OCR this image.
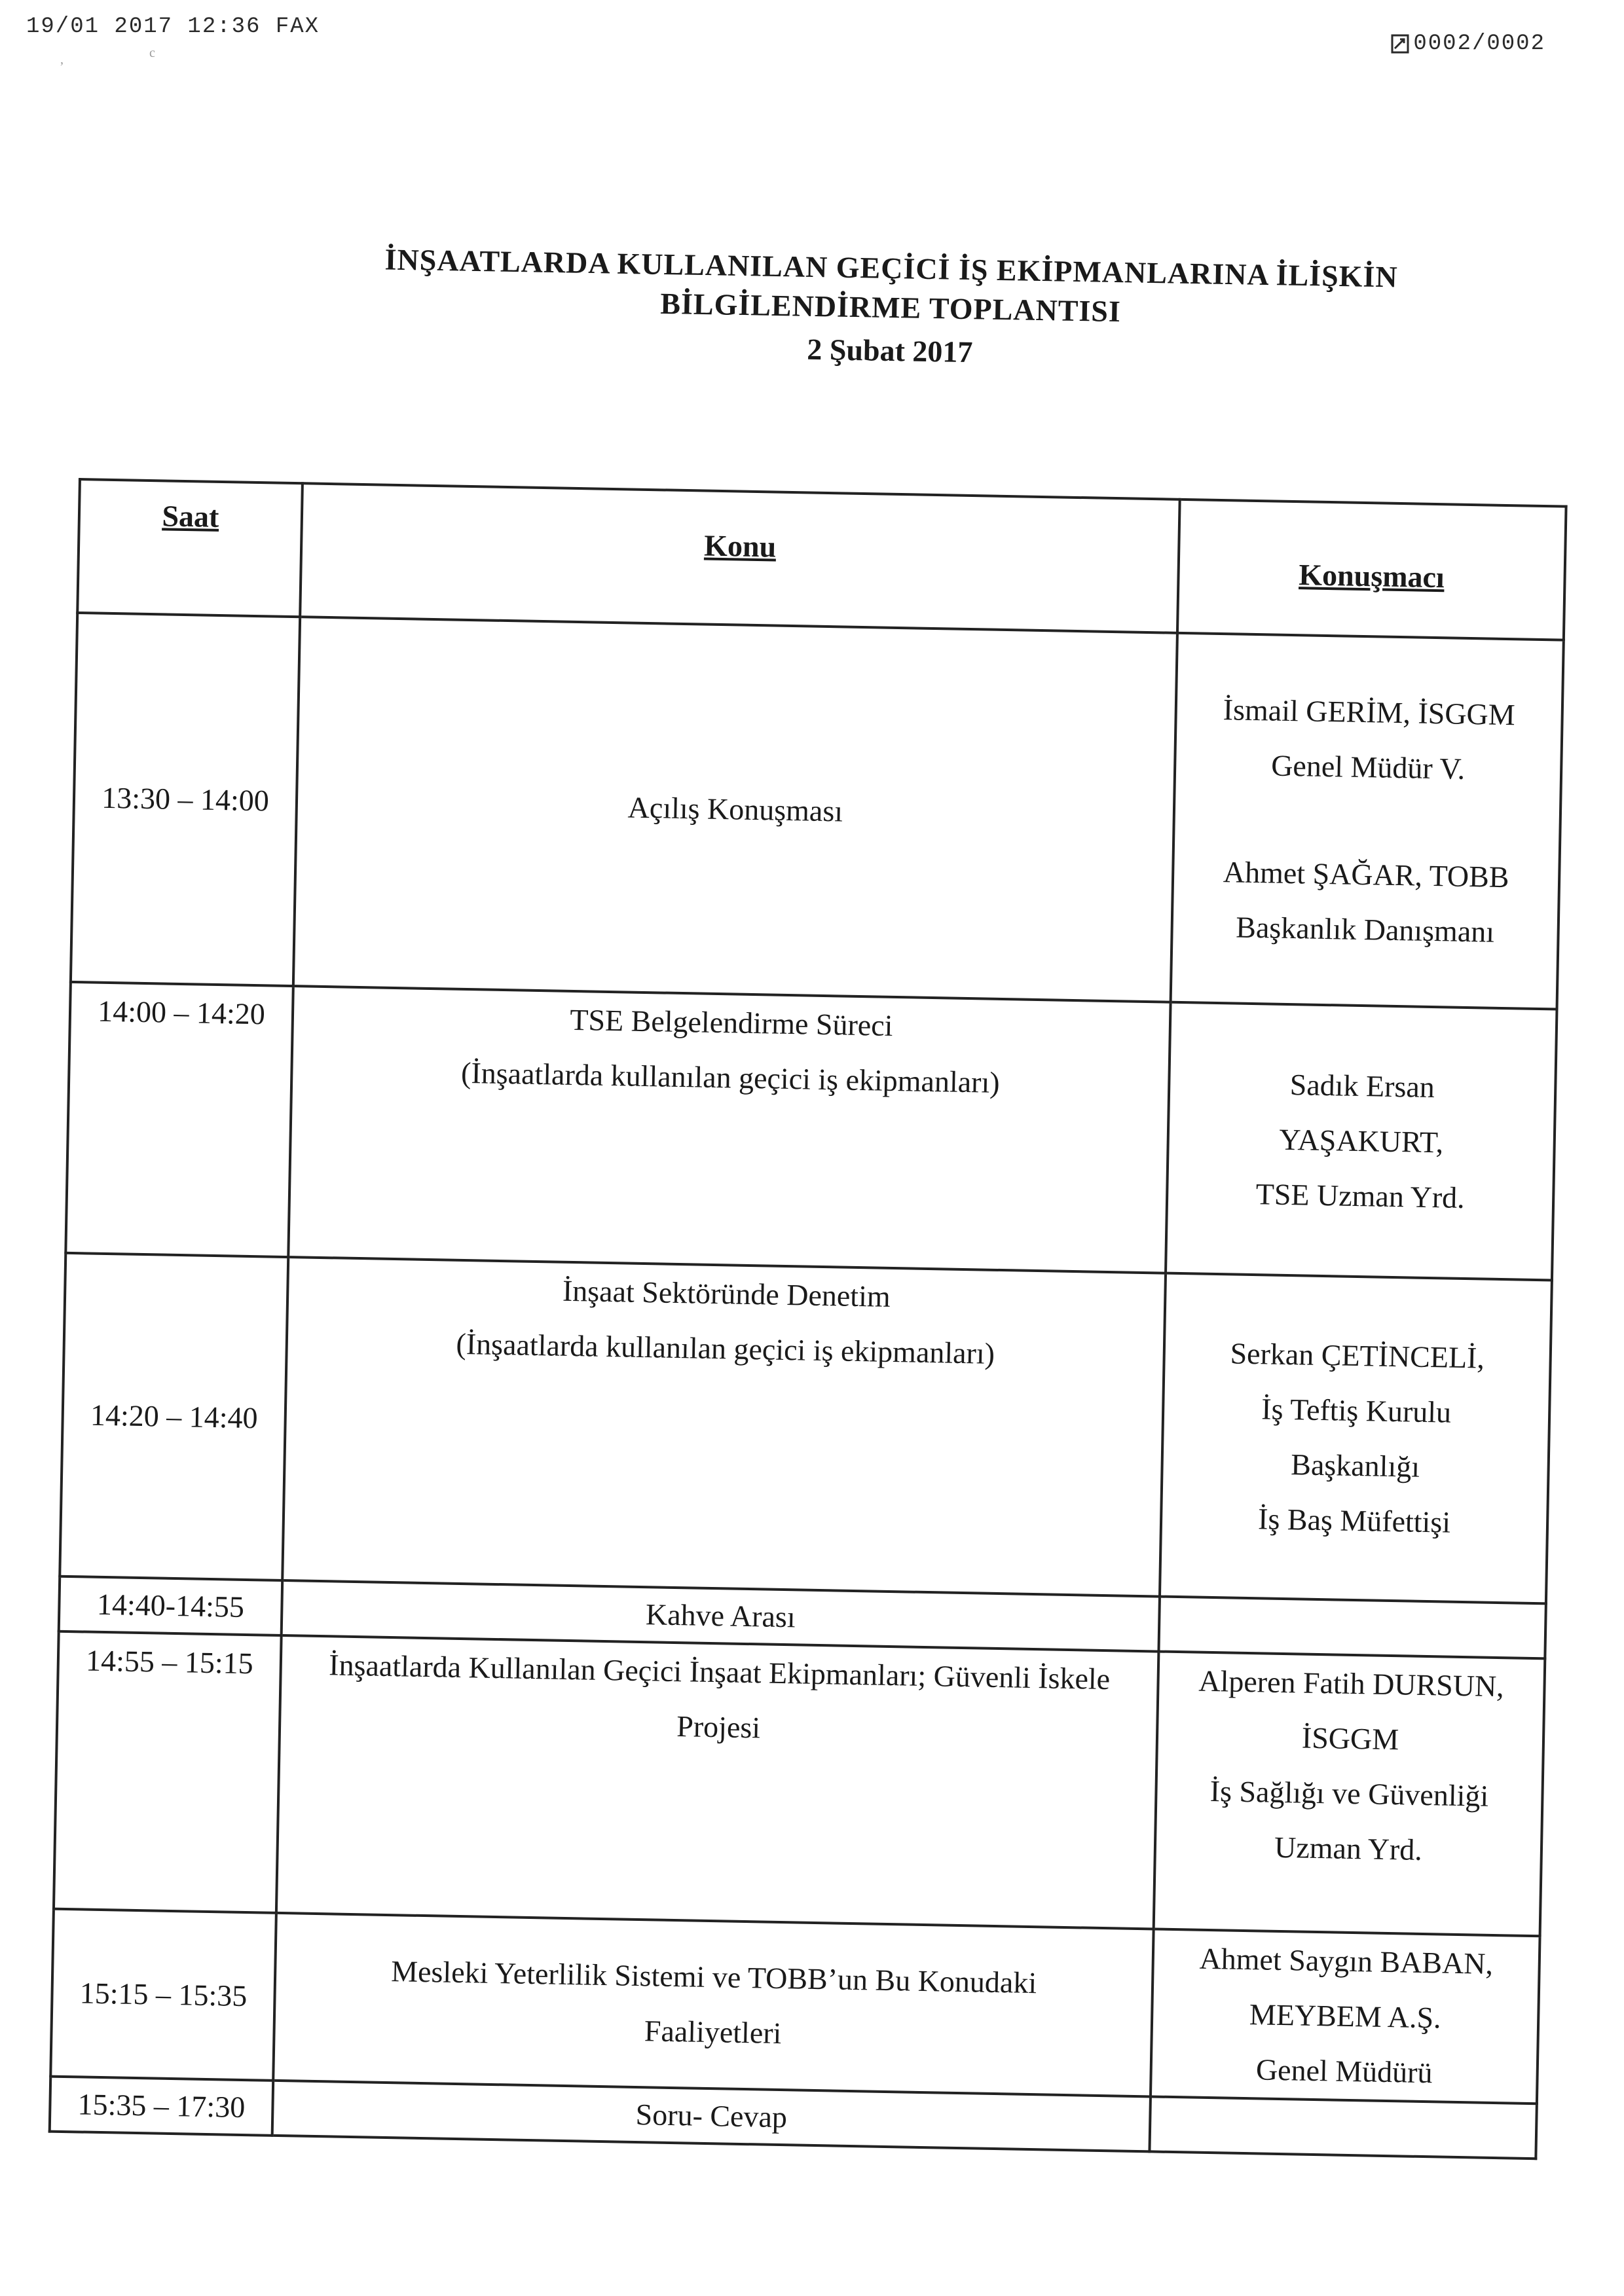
19/01 2017 12:36 FAX
0002/0002
,	c
İNŞAATLARDA KULLANILAN GEÇİCİ İŞ EKİPMANLARINA İLİŞKİN
BİLGİLENDİRME TOPLANTISI
2 Şubat 2017
Saat	Konu	Konuşmacı
13:30 – 14:00	Açılış Konuşması	İsmail GERİM, İSGGM
Genel Müdür V.
Ahmet ŞAĞAR, TOBB
Başkanlık Danışmanı

14:00 – 14:20	TSE Belgelendirme Süreci
(İnşaatlarda kullanılan geçici iş ekipmanları)	Sadık Ersan
YAŞAKURT,
TSE Uzman Yrd.

14:20 – 14:40	İnşaat Sektöründe Denetim
(İnşaatlarda kullanılan geçici iş ekipmanları)	Serkan ÇETİNCELİ,
İş Teftiş Kurulu
Başkanlığı
İş Baş Müfettişi

14:40-14:55	Kahve Arası	
14:55 – 15:15	İnşaatlarda Kullanılan Geçici İnşaat Ekipmanları; Güvenli İskele
Projesi	Alperen Fatih DURSUN,
İSGGM
İş Sağlığı ve Güvenliği
Uzman Yrd.

15:15 – 15:35	Mesleki Yeterlilik Sistemi ve TOBB’un Bu Konudaki
Faaliyetleri	Ahmet Saygın BABAN,
MEYBEM A.Ş.
Genel Müdürü

15:35 – 17:30	Soru- Cevap	
